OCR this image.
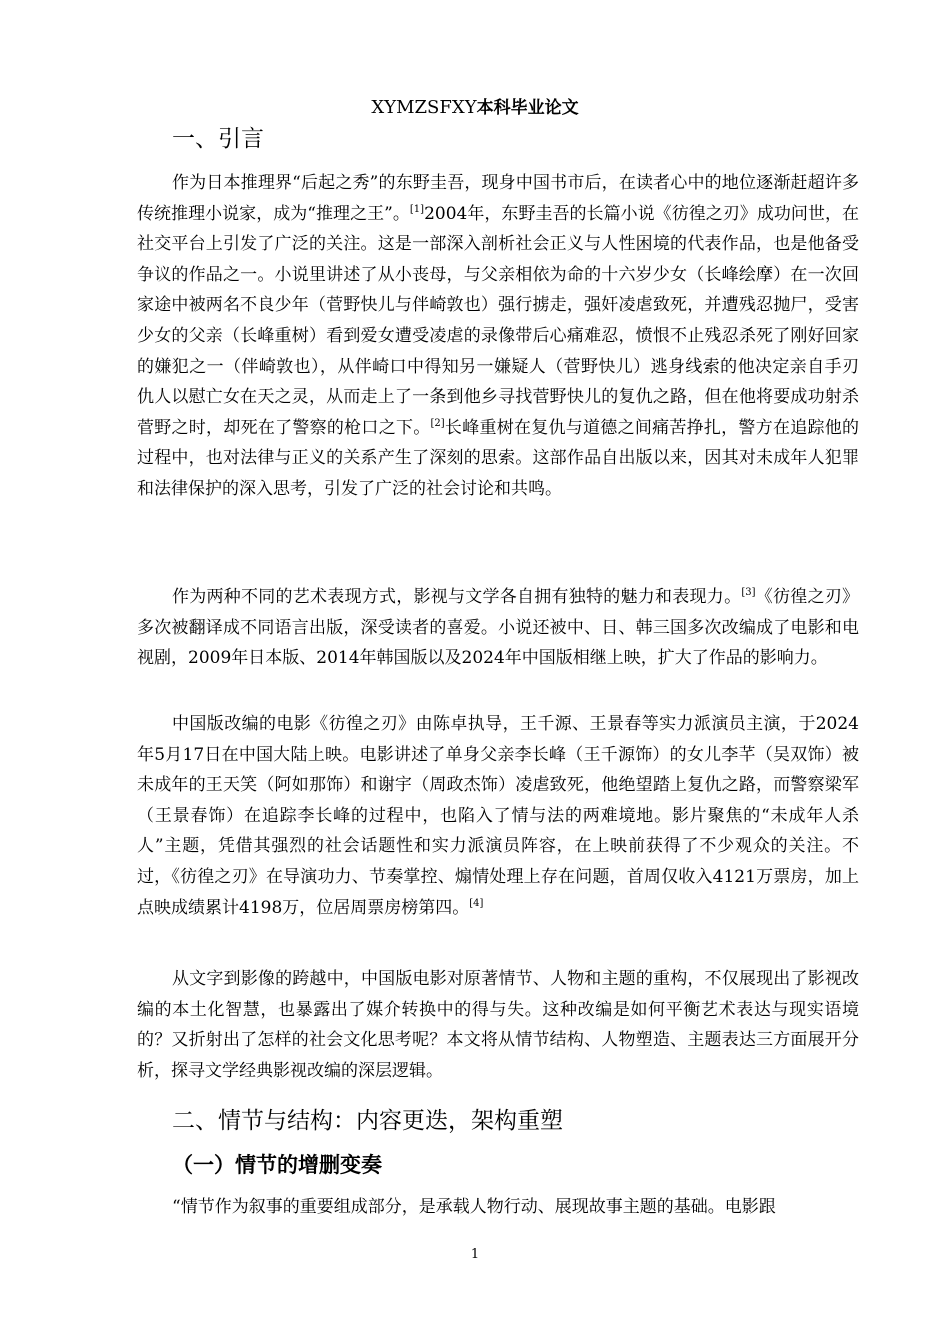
XYMZSFXY本科毕业论文
一、引言

作为日本推理界“后起之秀”的东野圭吾，现身中国书市后，在读者心中的地位逐渐赶超许多传统推理小说家，成为“推理之王”。[1]2004年，东野圭吾的长篇小说《彷徨之刃》成功问世，在社交平台上引发了广泛的关注。这是一部深入剖析社会正义与人性困境的代表作品，也是他备受争议的作品之一。小说里讲述了从小丧母，与父亲相依为命的十六岁少女（长峰绘摩）在一次回家途中被两名不良少年（菅野快儿与伴崎敦也）强行掳走，强奸凌虐致死，并遭残忍抛尸，受害少女的父亲（长峰重树）看到爱女遭受凌虐的录像带后心痛难忍，愤恨不止残忍杀死了刚好回家的嫌犯之一（伴崎敦也），从伴崎口中得知另一嫌疑人（菅野快儿）逃身线索的他决定亲自手刃仇人以慰亡女在天之灵，从而走上了一条到他乡寻找菅野快儿的复仇之路，但在他将要成功射杀菅野之时，却死在了警察的枪口之下。[2]长峰重树在复仇与道德之间痛苦挣扎，警方在追踪他的过程中，也对法律与正义的关系产生了深刻的思索。这部作品自出版以来，因其对未成年人犯罪和法律保护的深入思考，引发了广泛的社会讨论和共鸣。

作为两种不同的艺术表现方式，影视与文学各自拥有独特的魅力和表现力。[3]《彷徨之刃》多次被翻译成不同语言出版，深受读者的喜爱。小说还被中、日、韩三国多次改编成了电影和电视剧，2009年日本版、2014年韩国版以及2024年中国版相继上映，扩大了作品的影响力。

中国版改编的电影《彷徨之刃》由陈卓执导，王千源、王景春等实力派演员主演，于2024年5月17日在中国大陆上映。电影讲述了单身父亲李长峰（王千源饰）的女儿李芊（吴双饰）被未成年的王天笑（阿如那饰）和谢宇（周政杰饰）凌虐致死，他绝望踏上复仇之路，而警察梁军（王景春饰）在追踪李长峰的过程中，也陷入了情与法的两难境地。影片聚焦的“未成年人杀人”主题，凭借其强烈的社会话题性和实力派演员阵容，在上映前获得了不少观众的关注。不过，《彷徨之刃》在导演功力、节奏掌控、煽情处理上存在问题，首周仅收入4121万票房，加上点映成绩累计4198万，位居周票房榜第四。[4]

从文字到影像的跨越中，中国版电影对原著情节、人物和主题的重构，不仅展现出了影视改编的本土化智慧，也暴露出了媒介转换中的得与失。这种改编是如何平衡艺术表达与现实语境的？又折射出了怎样的社会文化思考呢？本文将从情节结构、人物塑造、主题表达三方面展开分析，探寻文学经典影视改编的深层逻辑。

二、情节与结构：内容更迭，架构重塑
（一）情节的增删变奏

“情节作为叙事的重要组成部分，是承载人物行动、展现故事主题的基础。电影跟

1
